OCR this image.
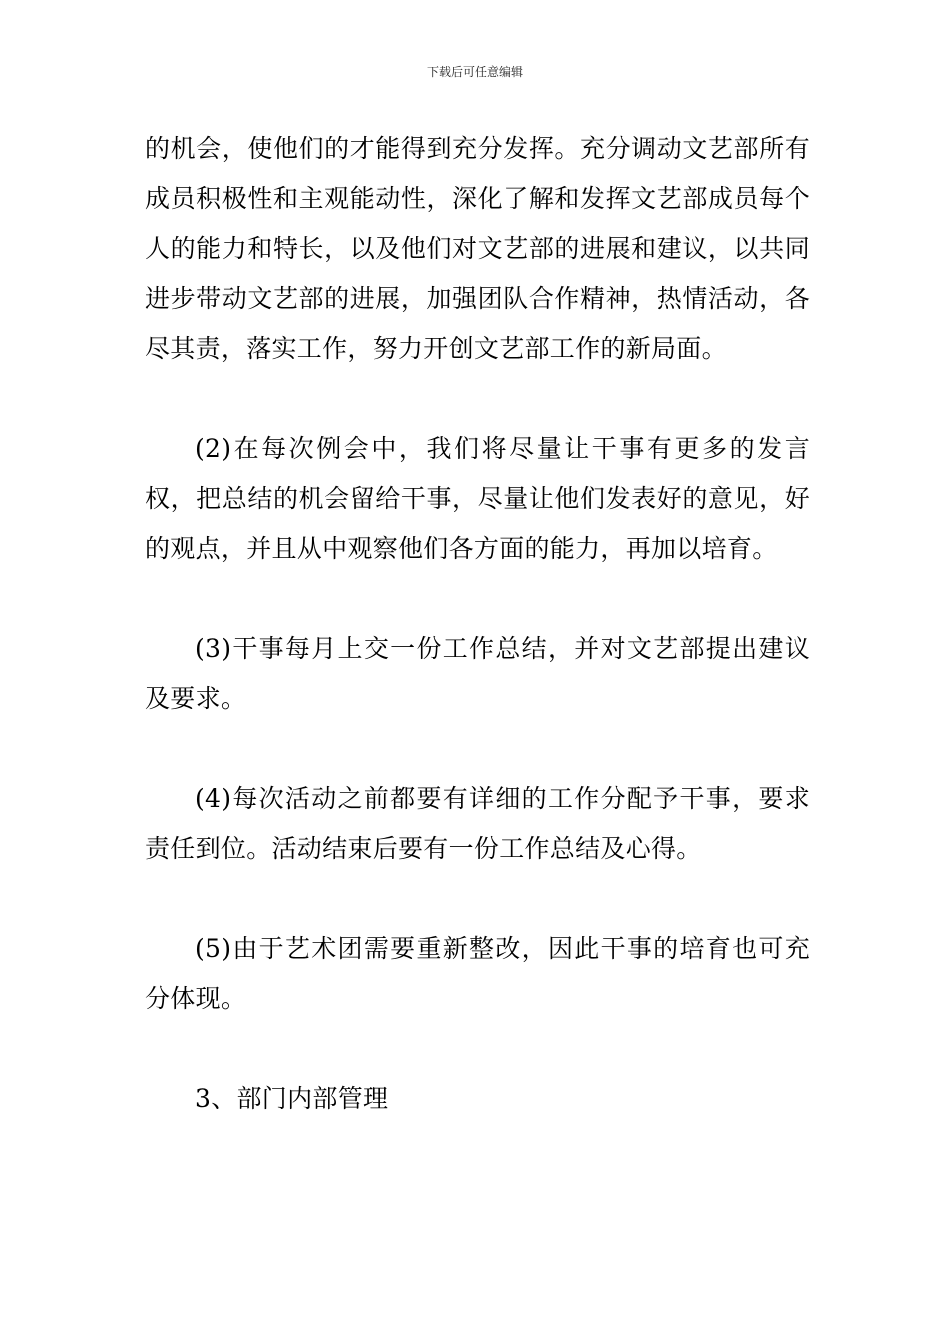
下载后可任意编辑

的机会，使他们的才能得到充分发挥。充分调动文艺部所有成员积极性和主观能动性，深化了解和发挥文艺部成员每个人的能力和特长，以及他们对文艺部的进展和建议，以共同进步带动文艺部的进展，加强团队合作精神，热情活动，各尽其责，落实工作，努力开创文艺部工作的新局面。

(2)在每次例会中，我们将尽量让干事有更多的发言权，把总结的机会留给干事，尽量让他们发表好的意见，好的观点，并且从中观察他们各方面的能力，再加以培育。

(3)干事每月上交一份工作总结，并对文艺部提出建议及要求。

(4)每次活动之前都要有详细的工作分配予干事，要求责任到位。活动结束后要有一份工作总结及心得。

(5)由于艺术团需要重新整改，因此干事的培育也可充分体现。

3、部门内部管理
